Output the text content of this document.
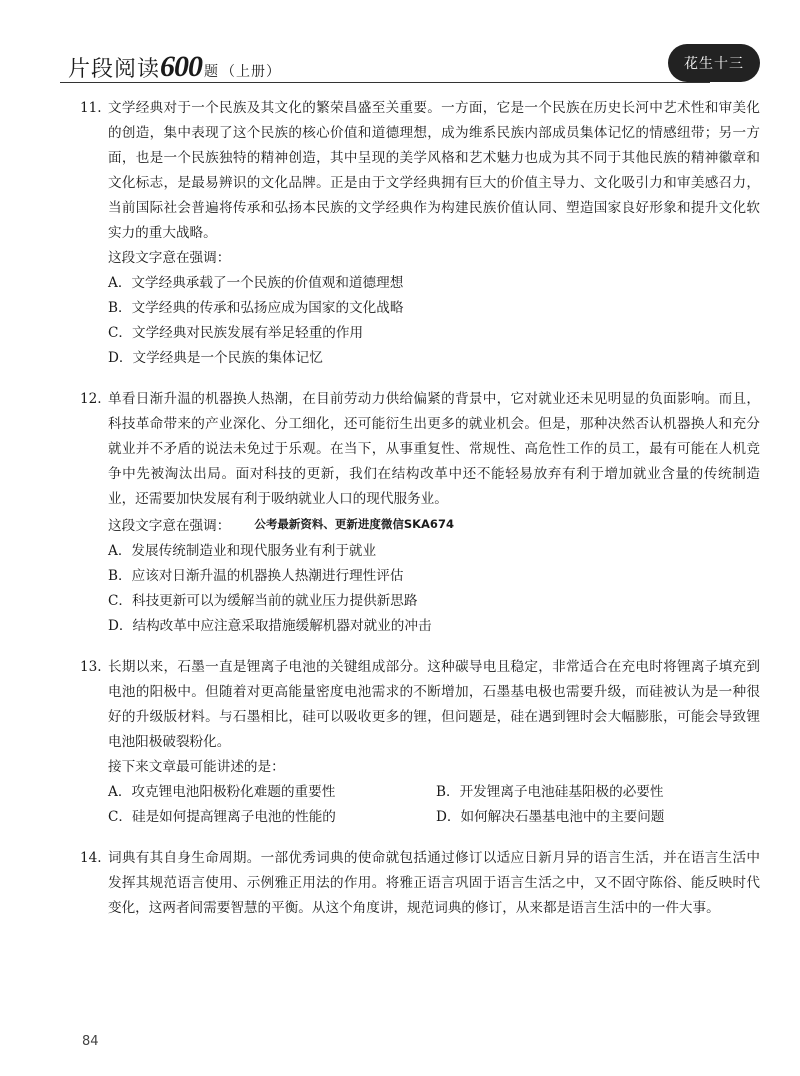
片段阅读600 题 （上册）	花生十三
11. 文学经典对于一个民族及其文化的繁荣昌盛至关重要。一方面，它是一个民族在历史长河中艺术性和审美化的创造，集中表现了这个民族的核心价值和道德理想，成为维系民族内部成员集体记忆的情感纽带；另一方面，也是一个民族独特的精神创造，其中呈现的美学风格和艺术魅力也成为其不同于其他民族的精神徽章和文化标志，是最易辨识的文化品牌。正是由于文学经典拥有巨大的价值主导力、文化吸引力和审美感召力，当前国际社会普遍将传承和弘扬本民族的文学经典作为构建民族价值认同、塑造国家良好形象和提升文化软实力的重大战略。
这段文字意在强调：
A．文学经典承载了一个民族的价值观和道德理想
B．文学经典的传承和弘扬应成为国家的文化战略
C．文学经典对民族发展有举足轻重的作用
D．文学经典是一个民族的集体记忆
12. 单看日渐升温的机器换人热潮，在目前劳动力供给偏紧的背景中，它对就业还未见明显的负面影响。而且，科技革命带来的产业深化、分工细化，还可能衍生出更多的就业机会。但是，那种决然否认机器换人和充分就业并不矛盾的说法未免过于乐观。在当下，从事重复性、常规性、高危性工作的员工，最有可能在人机竞争中先被淘汰出局。面对科技的更新，我们在结构改革中还不能轻易放弃有利于增加就业含量的传统制造业，还需要加快发展有利于吸纳就业人口的现代服务业。
这段文字意在强调： 公考最新资料、更新进度微信SKA674
A．发展传统制造业和现代服务业有利于就业
B．应该对日渐升温的机器换人热潮进行理性评估
C．科技更新可以为缓解当前的就业压力提供新思路
D．结构改革中应注意采取措施缓解机器对就业的冲击
13. 长期以来，石墨一直是锂离子电池的关键组成部分。这种碳导电且稳定，非常适合在充电时将锂离子填充到电池的阳极中。但随着对更高能量密度电池需求的不断增加，石墨基电极也需要升级，而硅被认为是一种很好的升级版材料。与石墨相比，硅可以吸收更多的锂，但问题是，硅在遇到锂时会大幅膨胀，可能会导致锂电池阳极破裂粉化。
接下来文章最可能讲述的是：
A．攻克锂电池阳极粉化难题的重要性	B．开发锂离子电池硅基阳极的必要性
C．硅是如何提高锂离子电池的性能的	D．如何解决石墨基电池中的主要问题
14. 词典有其自身生命周期。一部优秀词典的使命就包括通过修订以适应日新月异的语言生活，并在语言生活中发挥其规范语言使用、示例雅正用法的作用。将雅正语言巩固于语言生活之中，又不固守陈俗、能反映时代变化，这两者间需要智慧的平衡。从这个角度讲，规范词典的修订，从来都是语言生活中的一件大事。
84
